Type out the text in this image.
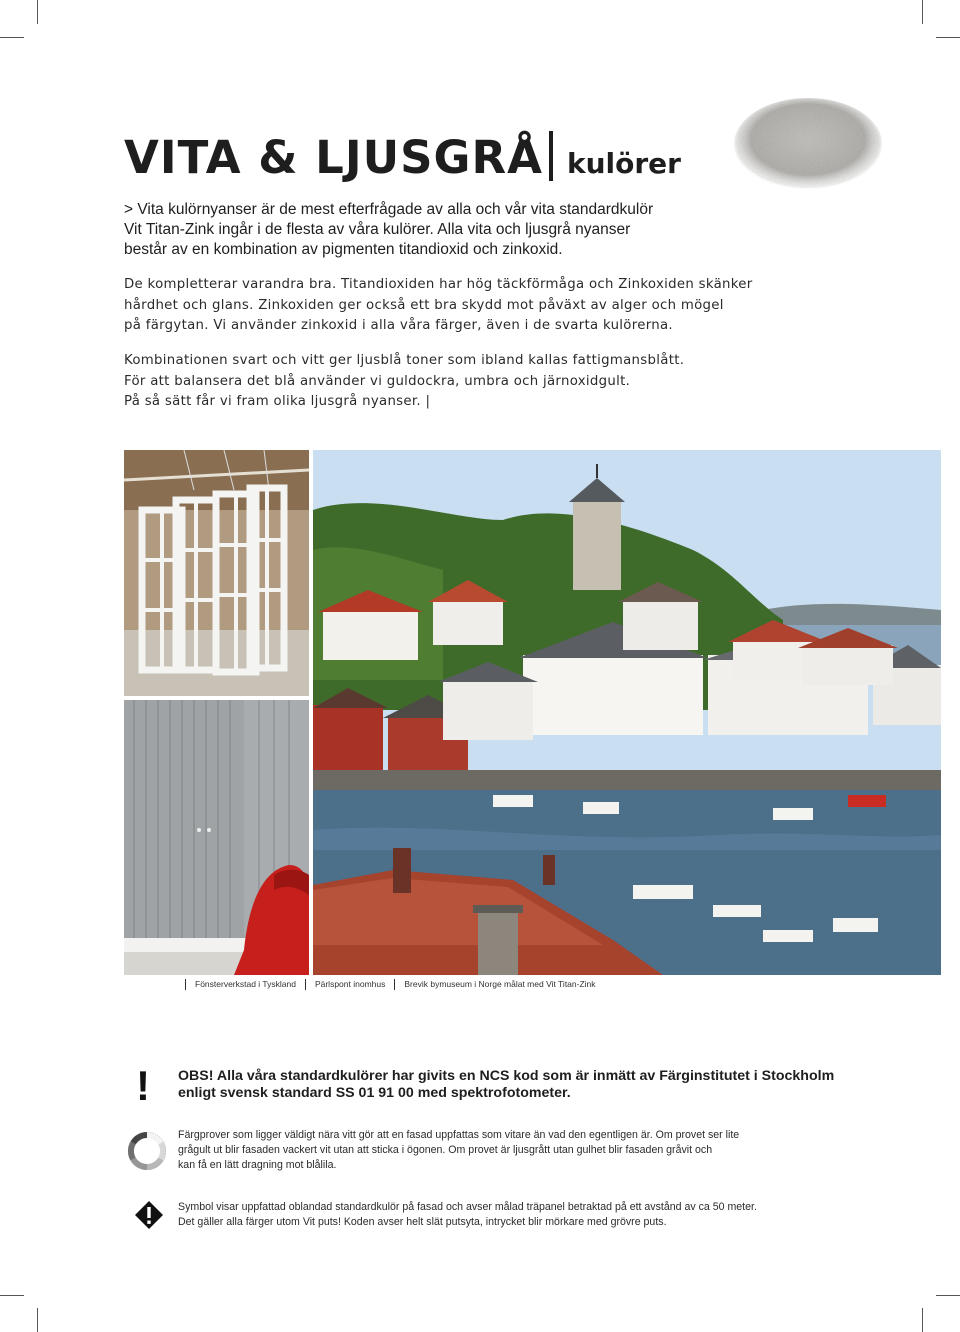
VITA & LJUSGRÅ kulörer

> Vita kulörnyanser är de mest efterfrågade av alla och vår vita standardkulör

Vit Titan-Zink ingår i de flesta av våra kulörer. Alla vita och ljusgrå nyanser

består av en kombination av pigmenten titandioxid och zinkoxid.

De kompletterar varandra bra. Titandioxiden har hög täckförmåga och Zinkoxiden skänker

hårdhet och glans. Zinkoxiden ger också ett bra skydd mot påväxt av alger och mögel

på färgytan. Vi använder zinkoxid i alla våra färger, även i de svarta kulörerna.

Kombinationen svart och vitt ger ljusblå toner som ibland kallas fattigmansblått.

För att balansera det blå använder vi guldockra, umbra och järnoxidgult.

På så sätt får vi fram olika ljusgrå nyanser. |

Fönsterverkstad i Tyskland Pärlspont inomhus Brevik bymuseum i Norge målat med Vit Titan-Zink
! OBS! Alla våra standardkulörer har givits en NCS kod som är inmätt av Färginstitutet i Stockholm

enligt svensk standard SS 01 91 00 med spektrofotometer.

Färgprover som ligger väldigt nära vitt gör att en fasad uppfattas som vitare än vad den egentligen är. Om provet ser lite

grågult ut blir fasaden vackert vit utan att sticka i ögonen. Om provet är ljusgrått utan gulhet blir fasaden gråvit och

kan få en lätt dragning mot blålila.

Symbol visar uppfattad oblandad standardkulör på fasad och avser målad träpanel betraktad på ett avstånd av ca 50 meter.

Det gäller alla färger utom Vit puts! Koden avser helt slät putsyta, intrycket blir mörkare med grövre puts.
